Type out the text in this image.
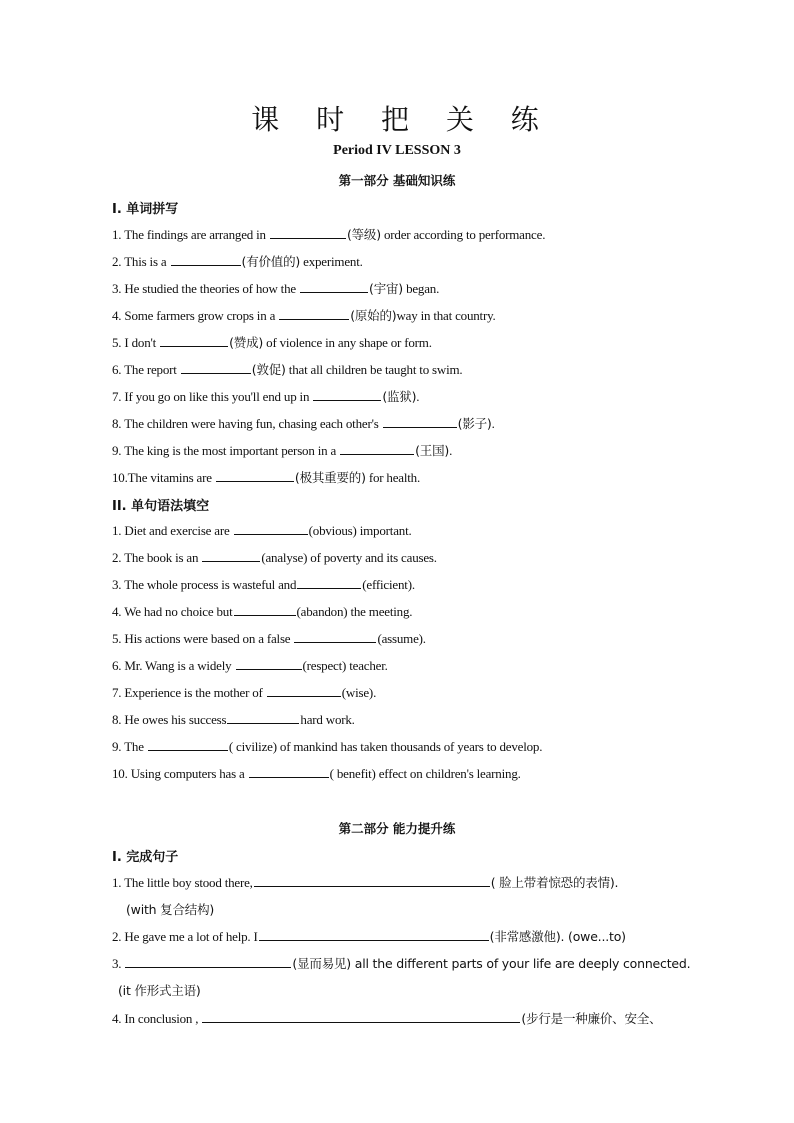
课 时 把 关 练
Period IV LESSON 3
第一部分 基础知识练
I. 单词拼写
1. The findings are arranged in	(等级) order according to performance.
2. This is a	(有价值的) experiment.
3. He studied the theories of how the	(宇宙) began.
4. Some farmers grow crops in a	(原始的)way in that country.
5. I don't	(赞成) of violence in any shape or form.
6. The report	(敦促) that all children be taught to swim.
7. If you go on like this you'll end up in	(监狱).
8. The children were having fun, chasing each other's	(影子).
9. The king is the most important person in a	(王国).
10.The vitamins are	(极其重要的) for health.
II. 单句语法填空
1. Diet and exercise are	(obvious) important.
2. The book is an	(analyse) of poverty and its causes.
3. The whole process is wasteful and	(efficient).
4. We had no choice but	(abandon) the meeting.
5. His actions were based on a false	(assume).
6. Mr. Wang is a widely	(respect) teacher.
7. Experience is the mother of	(wise).
8. He owes his success	hard work.
9. The	( civilize) of mankind has taken thousands of years to develop.
10. Using computers has a	( benefit) effect on children's learning.
第二部分 能力提升练
I. 完成句子
1. The little boy stood there,	( 脸上带着惊恐的表情).
(with 复合结构)
2. He gave me a lot of help. I	(非常感激他). (owe...to)
3.	(显而易见) all the different parts of your life are deeply connected.
(it 作形式主语)
4. In conclusion ,	(步行是一种廉价、安全、
